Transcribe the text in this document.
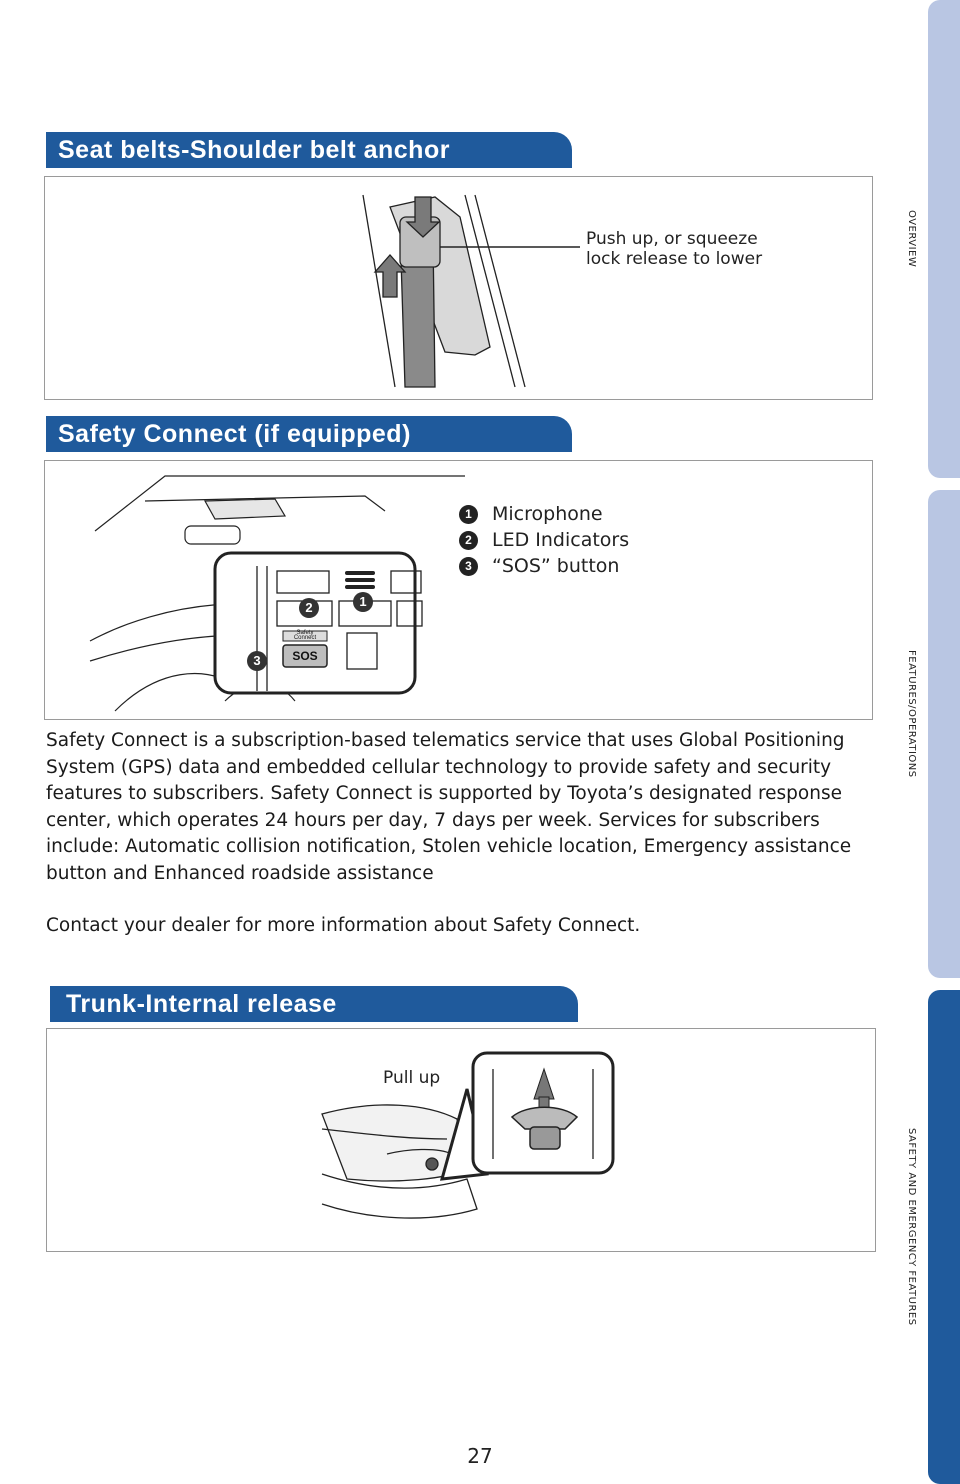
OVERVIEW
FEATURES/OPERATIONS
SAFETY AND EMERGENCY FEATURES
Seat belts-Shoulder belt anchor
Push up, or squeeze
lock release to lower
Safety Connect (if equipped)
1
2
3
Safety
Connect
SOS
1	Microphone
2	LED Indicators
3	“SOS” button

Safety Connect is a subscription-based telematics service that uses Global Positioning System (GPS) data and embedded cellular technology to provide safety and security features to subscribers. Safety Connect is supported by Toyota’s designated response center, which operates 24 hours per day, 7 days per week. Services for subscribers include: Automatic collision notification, Stolen vehicle location, Emergency assistance button and Enhanced roadside assistance

Contact your dealer for more information about Safety Connect.

Trunk-Internal release
Pull up
27
